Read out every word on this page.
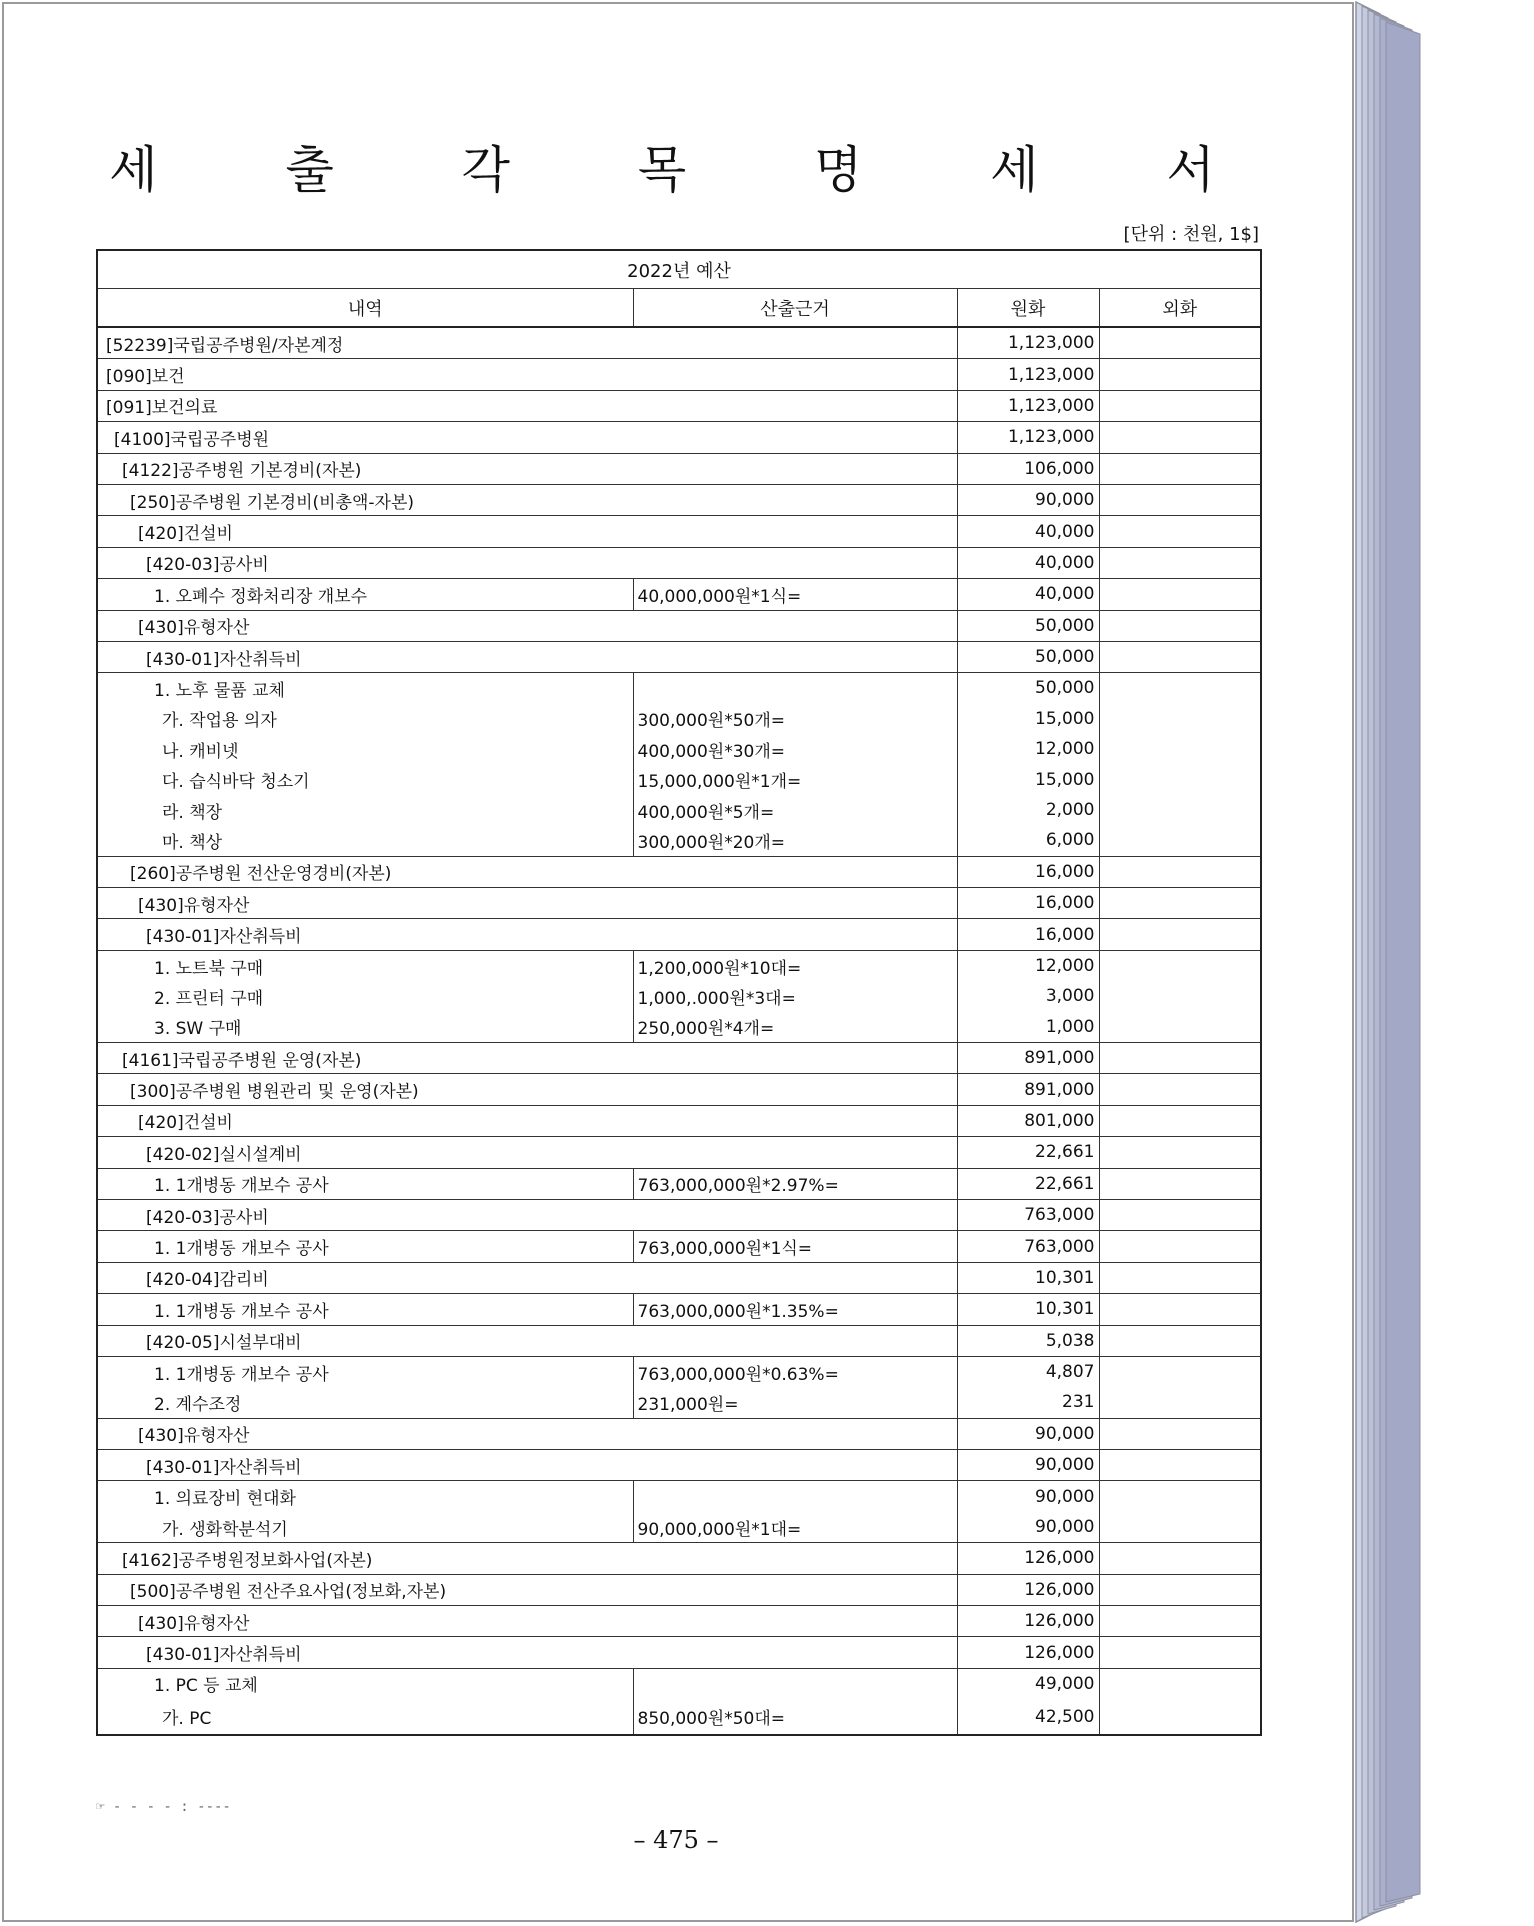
세 출 각 목 명 세 서
[단위 : 천원, 1$]
2022년 예산			
내역	산출근거	원화	외화
[52239]국립공주병원/자본계정		1,123,000	
[090]보건		1,123,000	
[091]보건의료		1,123,000	
[4100]국립공주병원		1,123,000	
[4122]공주병원 기본경비(자본)		106,000	
[250]공주병원 기본경비(비총액-자본)		90,000	
[420]건설비		40,000	
[420-03]공사비		40,000	
1. 오폐수 정화처리장 개보수	40,000,000원*1식=	40,000	
[430]유형자산		50,000	
[430-01]자산취득비		50,000	
1. 노후 물품 교체		50,000	
가. 작업용 의자	300,000원*50개=	15,000	
나. 캐비넷	400,000원*30개=	12,000	
다. 습식바닥 청소기	15,000,000원*1개=	15,000	
라. 책장	400,000원*5개=	2,000	
마. 책상	300,000원*20개=	6,000	
[260]공주병원 전산운영경비(자본)		16,000	
[430]유형자산		16,000	
[430-01]자산취득비		16,000	
1. 노트북 구매	1,200,000원*10대=	12,000	
2. 프린터 구매	1,000,.000원*3대=	3,000	
3. SW 구매	250,000원*4개=	1,000	
[4161]국립공주병원 운영(자본)		891,000	
[300]공주병원 병원관리 및 운영(자본)		891,000	
[420]건설비		801,000	
[420-02]실시설계비		22,661	
1. 1개병동 개보수 공사	763,000,000원*2.97%=	22,661	
[420-03]공사비		763,000	
1. 1개병동 개보수 공사	763,000,000원*1식=	763,000	
[420-04]감리비		10,301	
1. 1개병동 개보수 공사	763,000,000원*1.35%=	10,301	
[420-05]시설부대비		5,038	
1. 1개병동 개보수 공사	763,000,000원*0.63%=	4,807	
2. 계수조정	231,000원=	231	
[430]유형자산		90,000	
[430-01]자산취득비		90,000	
1. 의료장비 현대화		90,000	
가. 생화학분석기	90,000,000원*1대=	90,000	
[4162]공주병원정보화사업(자본)		126,000	
[500]공주병원 전산주요사업(정보화,자본)		126,000	
[430]유형자산		126,000	
[430-01]자산취득비		126,000	
1. PC 등 교체		49,000	
가. PC	850,000원*50대=	42,500	
☞ - - - - : ----
– 475 –
